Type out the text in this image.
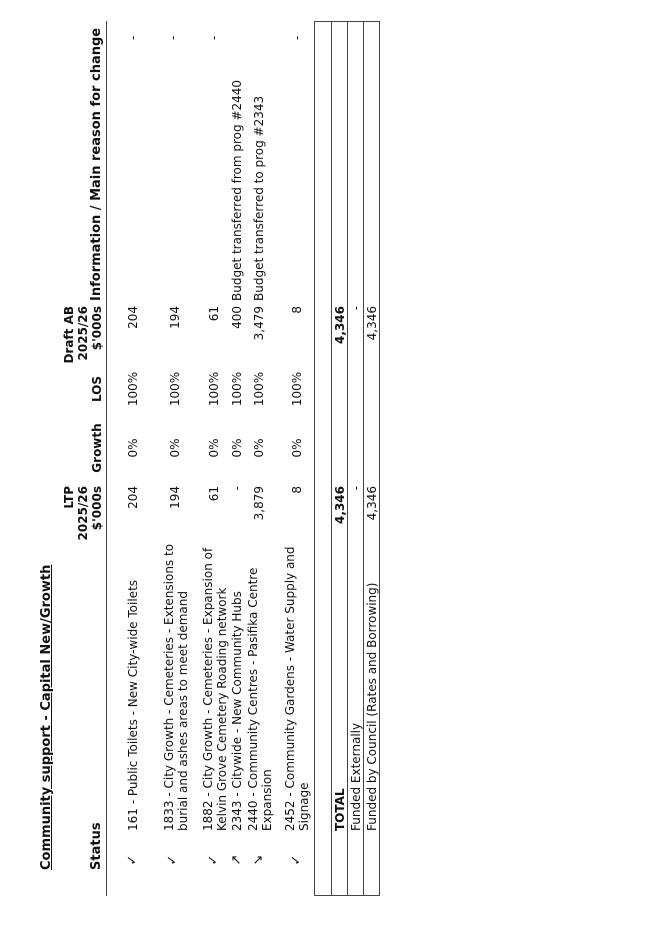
Community support - Capital New/Growth	Status
LTP 2025/26 $'000s
Growth
LOS
Draft AB 2025/26 $'000s
Information / Main reason for change
✓
161 - Public Toilets - New City-wide Toilets
204
0%
100%
204
-
✓
1833 - City Growth - Cemeteries - Extensions to burial and ashes areas to meet demand
194
0%
100%
194
-
✓
1882 - City Growth - Cemeteries - Expansion of Kelvin Grove Cemetery Roading network
61
0%
100%
61
-
↗
2343 - Citywide - New Community Hubs
-
0%
100%
400
Budget transferred from prog #2440
↘
2440 - Community Centres - Pasifika Centre Expansion
3,879
0%
100%
3,479
Budget transferred to prog #2343
✓
2452 - Community Gardens - Water Supply and Signage
8
0%
100%
8
-
TOTAL
4,346
4,346
Funded Externally
-
-
Funded by Council (Rates and Borrowing)
4,346
4,346
